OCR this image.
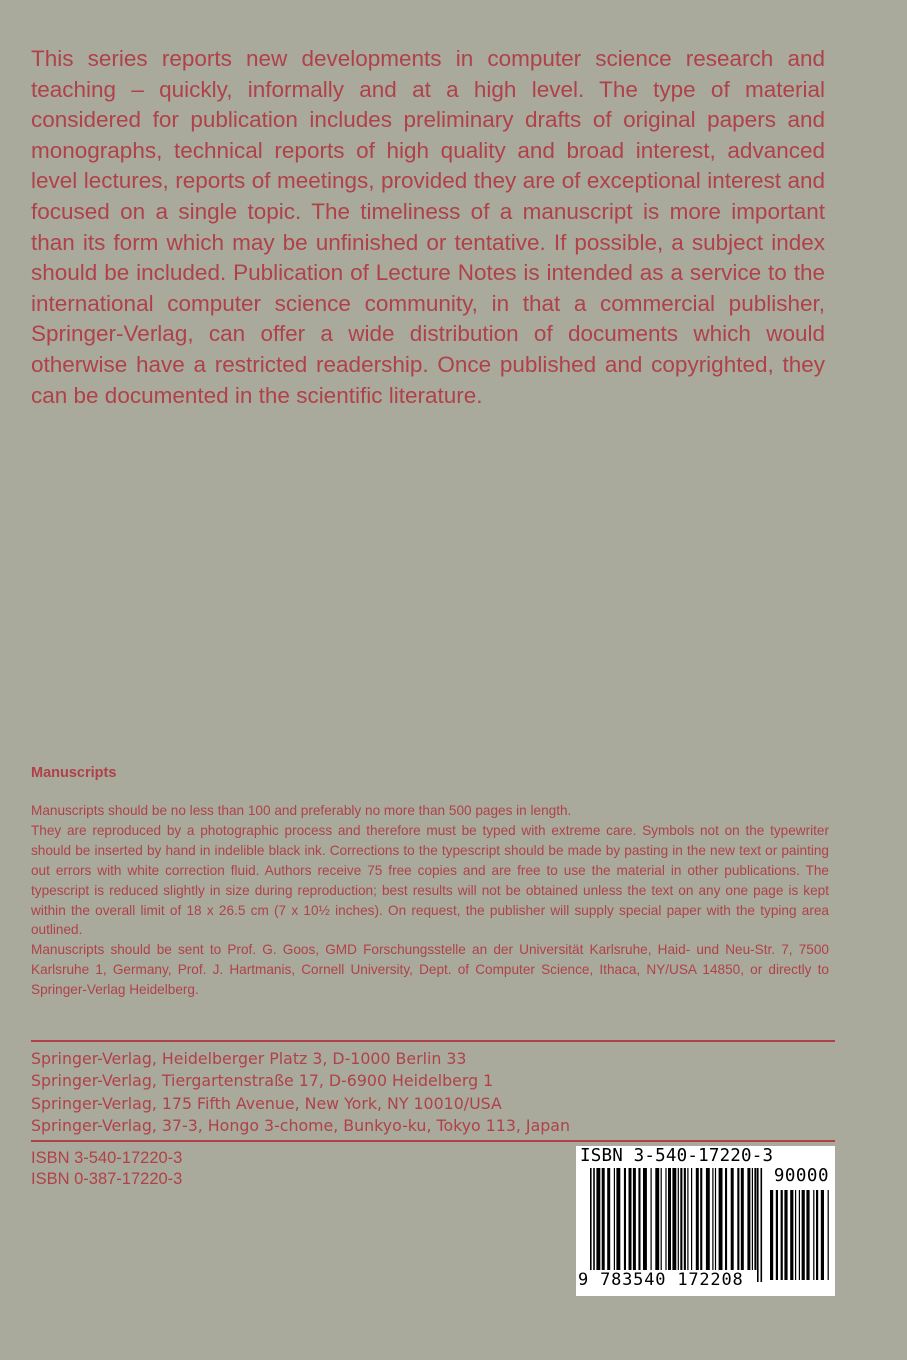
This series reports new developments in computer science research and teaching – quickly, informally and at a high level. The type of material considered for publication includes preliminary drafts of original papers and monographs, technical reports of high quality and broad interest, advanced level lectures, reports of meetings, provided they are of exceptional interest and focused on a single topic. The timeliness of a manuscript is more important than its form which may be unfinished or tentative. If possible, a subject index should be included. Publication of Lecture Notes is intended as a service to the international computer science community, in that a commercial publisher, Springer-Verlag, can offer a wide distribution of documents which would otherwise have a restricted readership. Once published and copyrighted, they can be documented in the scientific literature.

Manuscripts

Manuscripts should be no less than 100 and preferably no more than 500 pages in length.

They are reproduced by a photographic process and therefore must be typed with extreme care. Symbols not on the typewriter should be inserted by hand in indelible black ink. Corrections to the typescript should be made by pasting in the new text or painting out errors with white correction fluid. Authors receive 75 free copies and are free to use the material in other publications. The typescript is reduced slightly in size during reproduction; best results will not be obtained unless the text on any one page is kept within the overall limit of 18 x 26.5 cm (7 x 10½ inches). On request, the publisher will supply special paper with the typing area outlined.

Manuscripts should be sent to Prof. G. Goos, GMD Forschungsstelle an der Universität Karlsruhe, Haid- und Neu-Str. 7, 7500 Karlsruhe 1, Germany, Prof. J. Hartmanis, Cornell University, Dept. of Computer Science, Ithaca, NY/USA 14850, or directly to Springer-Verlag Heidelberg.

Springer-Verlag, Heidelberger Platz 3, D-1000 Berlin 33
Springer-Verlag, Tiergartenstraße 17, D-6900 Heidelberg 1
Springer-Verlag, 175 Fifth Avenue, New York, NY 10010/USA
Springer-Verlag, 37-3, Hongo 3-chome, Bunkyo-ku, Tokyo 113, Japan
ISBN 3-540-17220-3
ISBN 0-387-17220-3
ISBN 3-540-17220-3
90000
9 783540 172208
